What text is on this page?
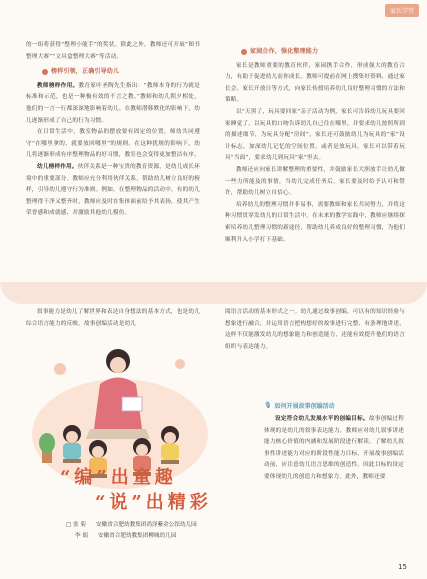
家长学堂

的一组将获得“整理小能手”的奖状。除此之外，教师还可开展“图书整理大赛”“文具盒整理大赛”等活动。

榜样引领，正确引导幼儿

教师榜样作用。教育家叶圣陶先生指出：“教师本身的行为就是标准和示范，也是一种极有效的不言之教。”教师和幼儿朝夕相处，他们的一言一行都深深地影响着幼儿。在教师潜移默化的影响下，幼儿逐渐形成了自己的行为习惯。

在日常生活中，教室物品的摆放要有固定的位置，师幼共同遵守“在哪里拿的，就要放回哪里”的规则。在这种犹规的影响下，幼儿将逐渐形成有序整理物品的好习惯，教室也会变得更加整洁有序。

幼儿榜样作用。伙伴关系是一种宝贵的教育资源，是幼儿成长环境中的重要部分。教师应充分利用伙伴关系，帮助幼儿树立良好的榜样，引导幼儿遵守行为准则。例如，在整理物品的活动中，有的幼儿整理得干净又整齐时，教师应及时在集体面前给予其表扬，使其产生荣誉感和成就感，并激励其他幼儿模仿。

家园合作，强化整理能力

家长是教师重要的教育伙伴，家园携手合作，形成强大的教育合力，有助于促进幼儿而你成长。教师可提前在网上搜集好资料，通过家长会、家长开放日等方式，向家长传授培养幼儿良好整理习惯的方法和策略。

以“天黑了，玩具要回家”亲子活动为例，家长可告诉幼儿玩具要回家睡觉了，以玩具的口吻告诉幼儿自己住在哪里，并要求幼儿按照所到的描述细节，为玩具分配“房间”。家长还可鼓励幼儿为玩具的“家”设计标志，加深幼儿记忆的空间位置，或者是放玩具，家长可以带着玩具“当面”，要求幼儿到玩具“家”里去。

教师还应向家长讲解整理的重要性，并鼓励家长大胆放手让幼儿做一些力所能及的事情，当幼儿完成任务后，家长要及时给予认可和赞许，帮助幼儿树立自信心。

培养幼儿的整理习惯并非易事，需要教师和家长共同努力，并将这种习惯贯穿发幼儿的日常生活中。在未来的教学实践中，教师应继续探索培养幼儿整理习惯的新途径，帮助幼儿养成良好的整理习惯，为他们顺利升入小学打下基础。

叙事能力是幼儿了解世界和表达自身想法的基本方式，也是幼儿综合语言能力的反映。故事创编活动是幼儿

阅语言活动的基本形式之一。幼儿通过故事创编，可以有的知识经验与想象进行融合，并运用语言把构想好的故事进行完整、有条理地讲述，这样不仅能激发幼儿的想象能力和创造能力，还能有效提升他们的语言组织与表达能力。

“编”出童趣
“说”出精彩
□ 张 菊 安徽省合肥幼教集团尚泽紫金公馆幼儿园
李 娟 安徽省合肥幼教集团柳城幼儿园
🎙 如何开展故事创编活动

设定符合幼儿发展水平的创编目标。故事创编过程体现的是幼儿的叙事表达能力，教师应对幼儿叙事讲述能力核心价值的内涵和发展阶段进行解读，了解幼儿叙事性讲述能力对应的阶段性能力目标，开展故事创编活动前，应注意幼儿语言思维的创造性。因此目标的设定要体现幼儿的创造力和想象力。此外，教师还要

15
